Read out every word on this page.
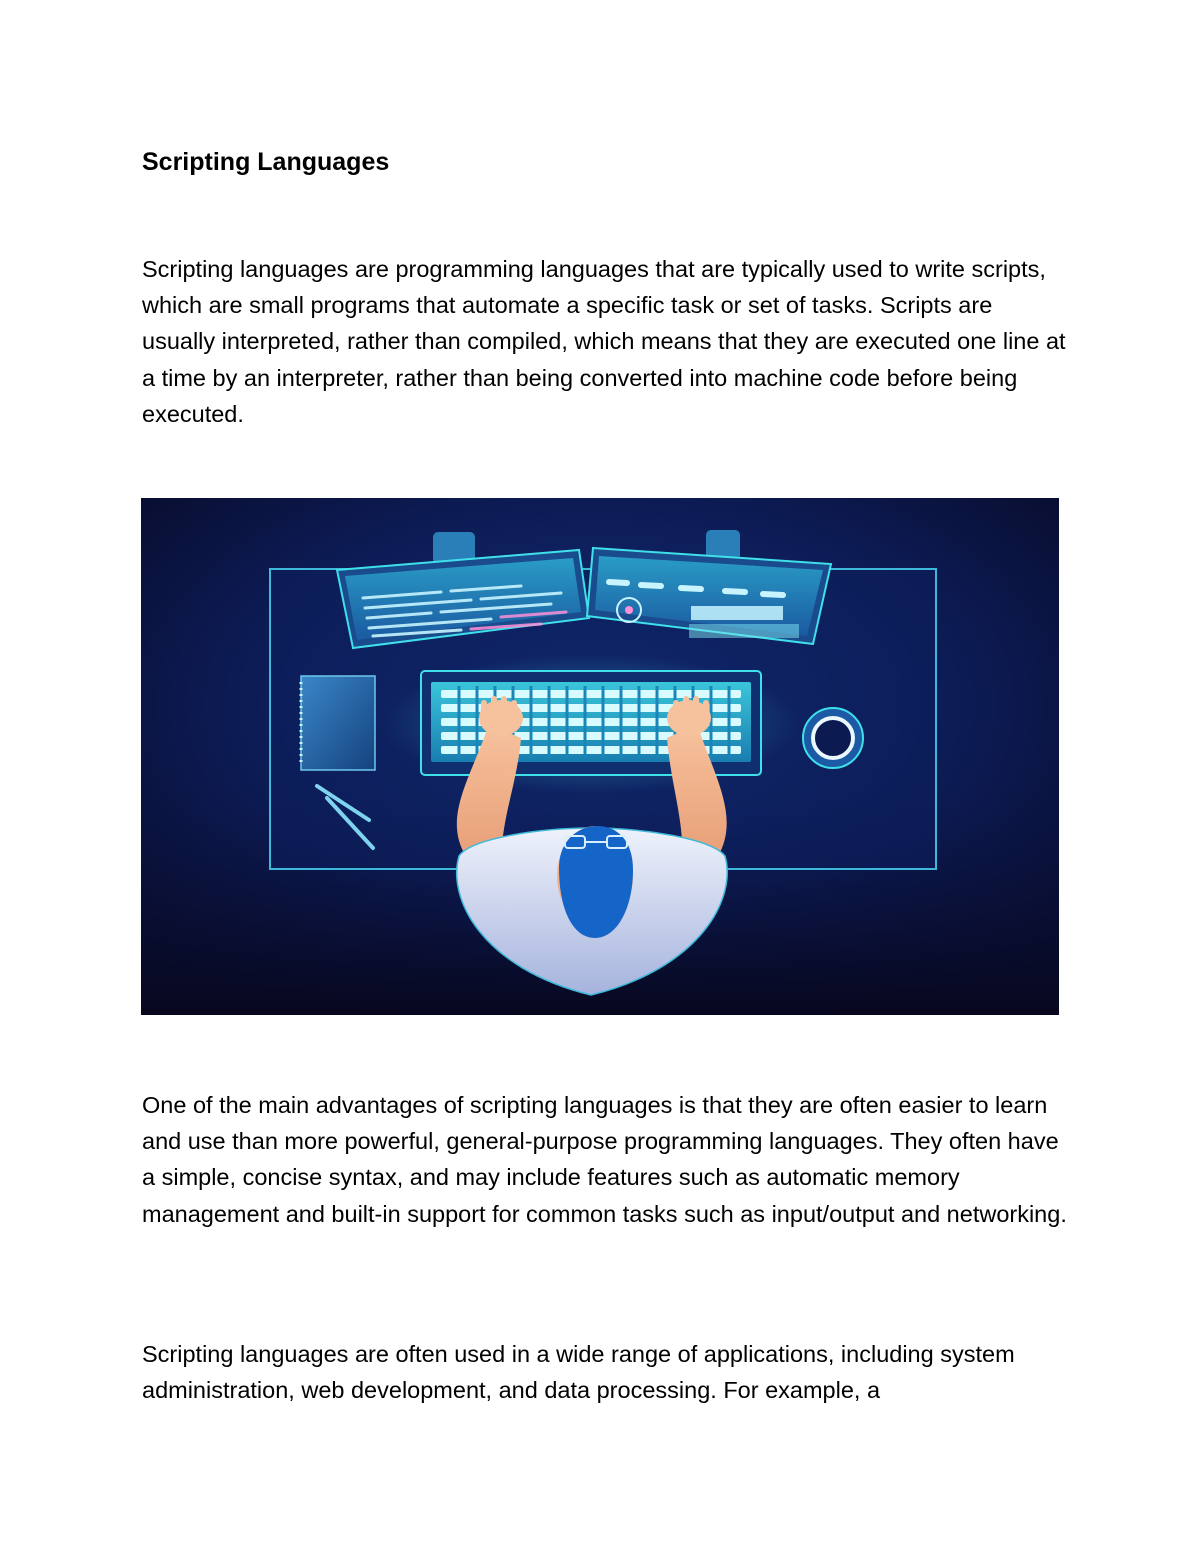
Scripting Languages

Scripting languages are programming languages that are typically used to write scripts, which are small programs that automate a specific task or set of tasks. Scripts are usually interpreted, rather than compiled, which means that they are executed one line at a time by an interpreter, rather than being converted into machine code before being executed.

One of the main advantages of scripting languages is that they are often easier to learn and use than more powerful, general-purpose programming languages. They often have a simple, concise syntax, and may include features such as automatic memory management and built-in support for common tasks such as input/output and networking.

Scripting languages are often used in a wide range of applications, including system administration, web development, and data processing. For example, a
